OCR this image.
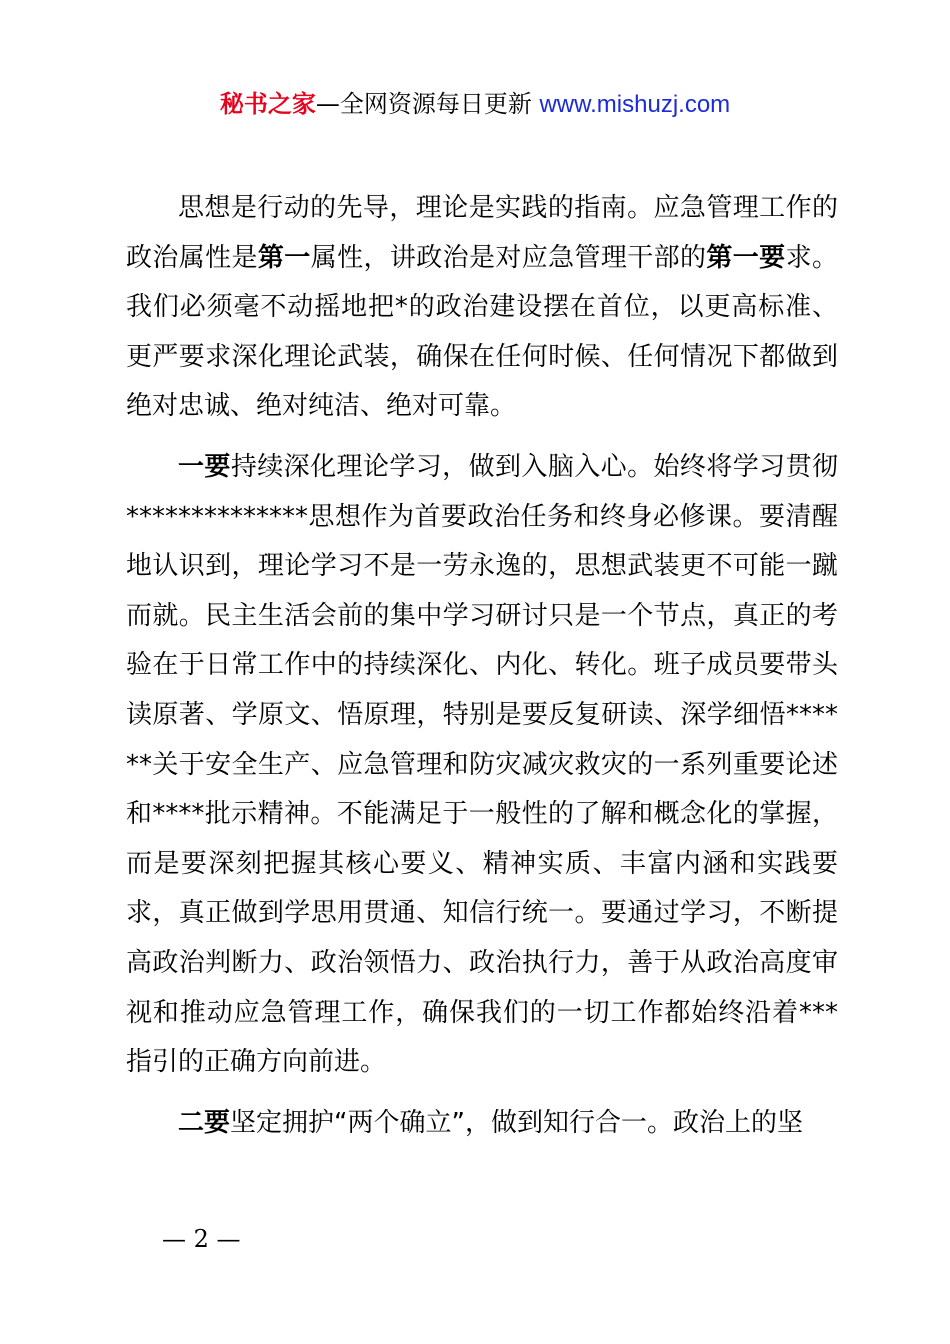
秘书之家—全网资源每日更新 www.mishuzj.com

思想是行动的先导，理论是实践的指南。应急管理工作的政治属性是第一属性，讲政治是对应急管理干部的第一要求。我们必须毫不动摇地把*的政治建设摆在首位，以更高标准、更严要求深化理论武装，确保在任何时候、任何情况下都做到绝对忠诚、绝对纯洁、绝对可靠。

一要持续深化理论学习，做到入脑入心。始终将学习贯彻**************思想作为首要政治任务和终身必修课。要清醒地认识到，理论学习不是一劳永逸的，思想武装更不可能一蹴而就。民主生活会前的集中学习研讨只是一个节点，真正的考验在于日常工作中的持续深化、内化、转化。班子成员要带头读原著、学原文、悟原理，特别是要反复研读、深学细悟******关于安全生产、应急管理和防灾减灾救灾的一系列重要论述和****批示精神。不能满足于一般性的了解和概念化的掌握，而是要深刻把握其核心要义、精神实质、丰富内涵和实践要求，真正做到学思用贯通、知信行统一。要通过学习，不断提高政治判断力、政治领悟力、政治执行力，善于从政治高度审视和推动应急管理工作，确保我们的一切工作都始终沿着***指引的正确方向前进。

二要坚定拥护“两个确立”，做到知行合一。政治上的坚

— 2 —
